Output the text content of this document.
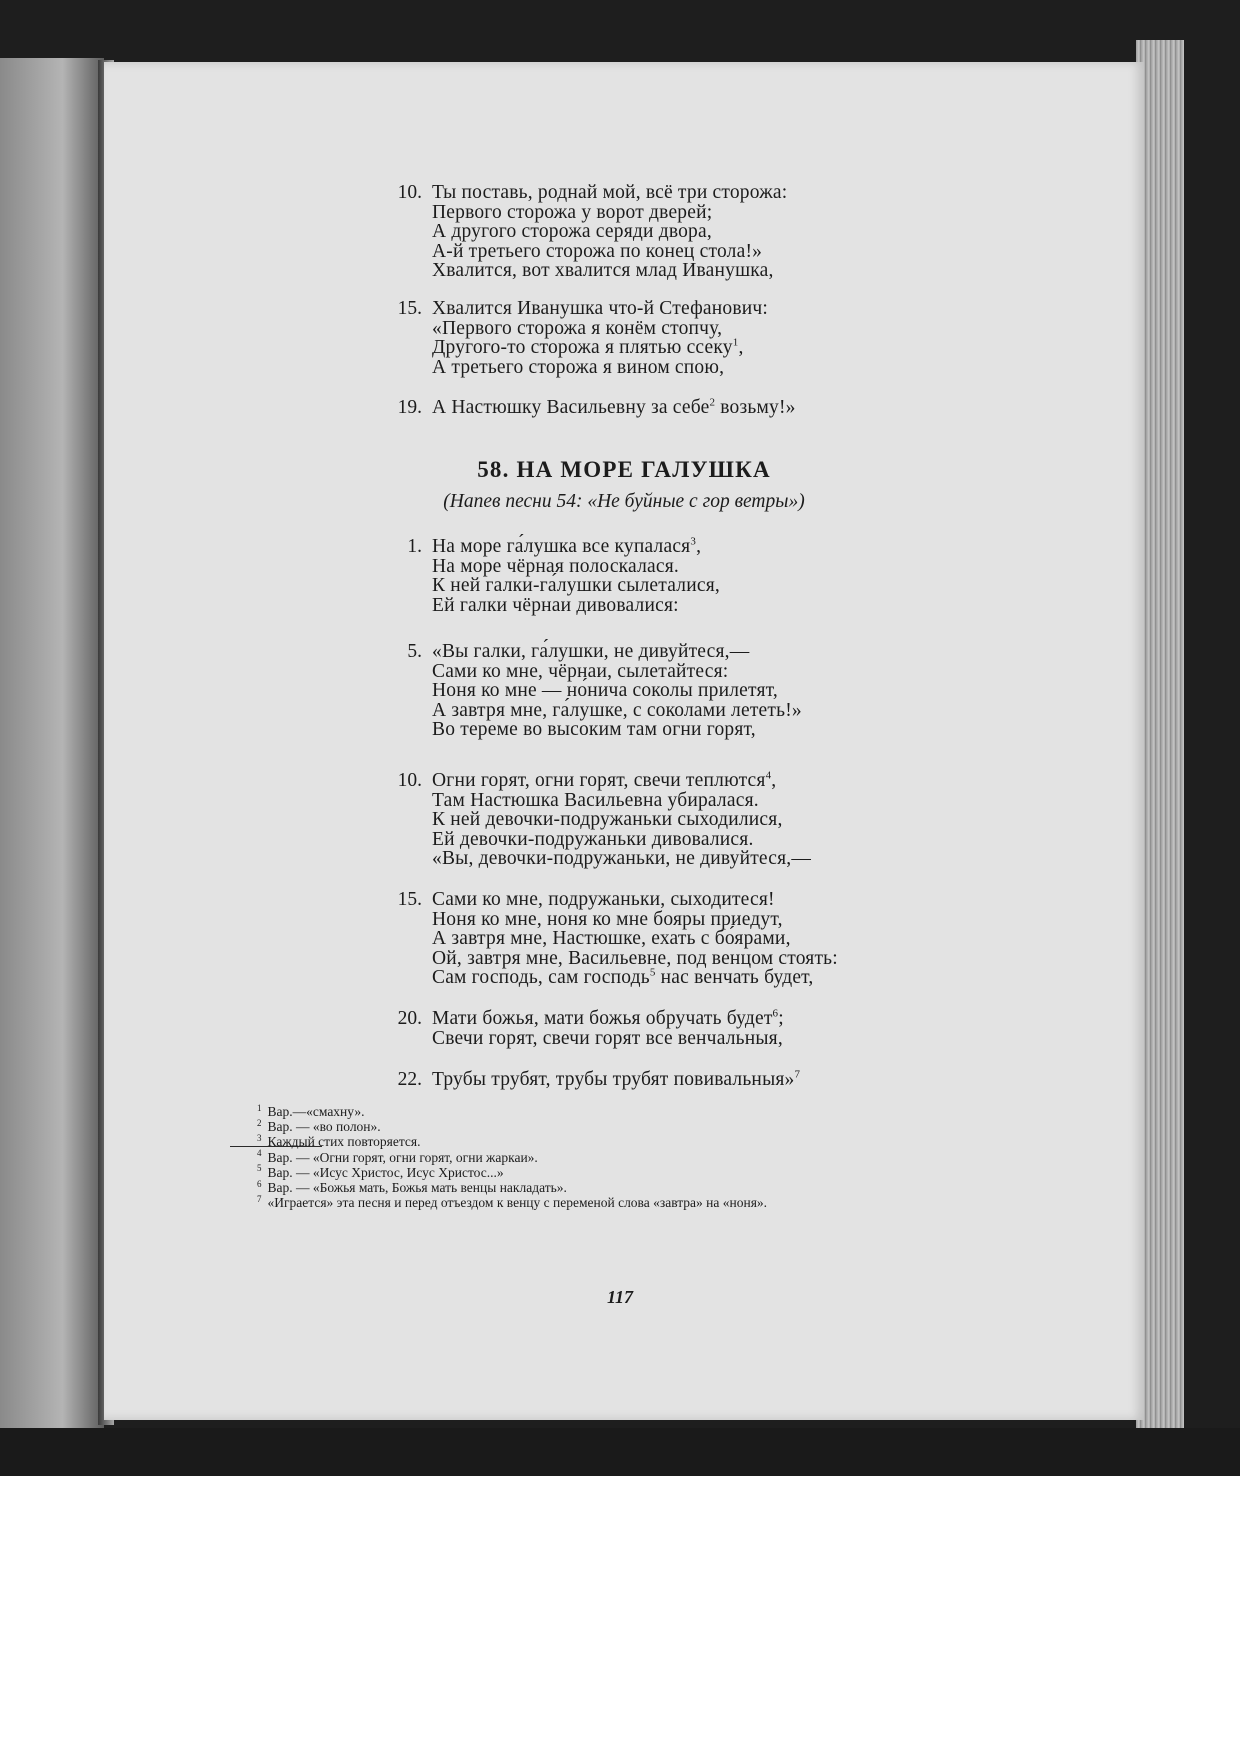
10. Ты поставь, роднай мой, всё три сторожа:
Первого сторожа у ворот дверей;
А другого сторожа серяди двора,
А-й третьего сторожа по конец стола!»
Хвалится, вот хвалится млад Иванушка,
15. Хвалится Иванушка что-й Стефанович:
«Первого сторожа я конём стопчу,
Другого-то сторожа я плятью ссеку$^1$,
А третьего сторожа я вином спою,
19. А Настюшку Васильевну за себе$^2$ возьму!»
58. НА МОРЕ ГАЛУШКА
(Напев песни 54: «Не буйные с гор ветры»)
1. На море га́лушка все купалася$^3$,
На море чёрная полоскалася.
К ней галки-га́лушки сылеталися,
Ей галки чёрнаи дивовалися:
5. «Вы галки, га́лушки, не дивуйтеся,—
Сами ко мне, чёрнаи, сылетайтеся:
Ноня ко мне — но́нича соколы прилетят,
А завтря мне, га́лушке, с соколами лететь!»
Во тереме во высоким там огни горят,
10. Огни горят, огни горят, свечи теплются$^4$,
Там Настюшка Васильевна убиралася.
К ней девочки-подружаньки сыходилися,
Ей девочки-подружаньки дивовалися.
«Вы, девочки-подружаньки, не дивуйтеся,—
15. Сами ко мне, подружаньки, сыходитеся!
Ноня ко мне, ноня ко мне бояры приедут,
А завтря мне, Настюшке, ехать с бо́ярами,
Ой, завтря мне, Васильевне, под венцом стоять:
Сам господь, сам господь$^5$ нас венчать будет,
20. Мати божья, мати божья обручать будет$^6$;
Свечи горят, свечи горят все венчальныя,
22. Трубы трубят, трубы трубят повивальныя»$^7$
$^1$ Вар.—«смахну».
$^2$ Вар. — «во полон».
$^3$ Каждый стих повторяется.
$^4$ Вар. — «Огни горят, огни горят, огни жаркаи».
$^5$ Вар. — «Исус Христос, Исус Христос...»
$^6$ Вар. — «Божья мать, Божья мать венцы накладать».
$^7$ «Играется» эта песня и перед отъездом к венцу с переменой слова «завтра» на «ноня».
117
